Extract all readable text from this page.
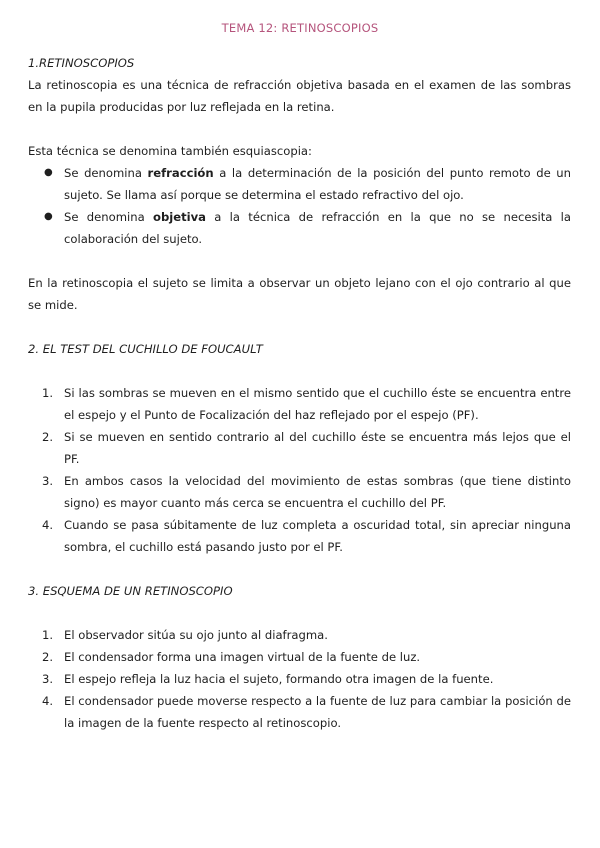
TEMA 12: RETINOSCOPIOS
1.RETINOSCOPIOS

La retinoscopia es una técnica de refracción objetiva basada en el examen de las sombras en la pupila producidas por luz reflejada en la retina.

Esta técnica se denomina también esquiascopia:

● Se denomina refracción a la determinación de la posición del punto remoto de un sujeto. Se llama así porque se determina el estado refractivo del ojo.
● Se denomina objetiva a la técnica de refracción en la que no se necesita la colaboración del sujeto.

En la retinoscopia el sujeto se limita a observar un objeto lejano con el ojo contrario al que se mide.

2. EL TEST DEL CUCHILLO DE FOUCAULT
1. Si las sombras se mueven en el mismo sentido que el cuchillo éste se encuentra entre el espejo y el Punto de Focalización del haz reflejado por el espejo (PF).
2. Si se mueven en sentido contrario al del cuchillo éste se encuentra más lejos que el PF.
3. En ambos casos la velocidad del movimiento de estas sombras (que tiene distinto signo) es mayor cuanto más cerca se encuentra el cuchillo del PF.
4. Cuando se pasa súbitamente de luz completa a oscuridad total, sin apreciar ninguna sombra, el cuchillo está pasando justo por el PF.
3. ESQUEMA DE UN RETINOSCOPIO
1. El observador sitúa su ojo junto al diafragma.
2. El condensador forma una imagen virtual de la fuente de luz.
3. El espejo refleja la luz hacia el sujeto, formando otra imagen de la fuente.
4. El condensador puede moverse respecto a la fuente de luz para cambiar la posición de la imagen de la fuente respecto al retinoscopio.
